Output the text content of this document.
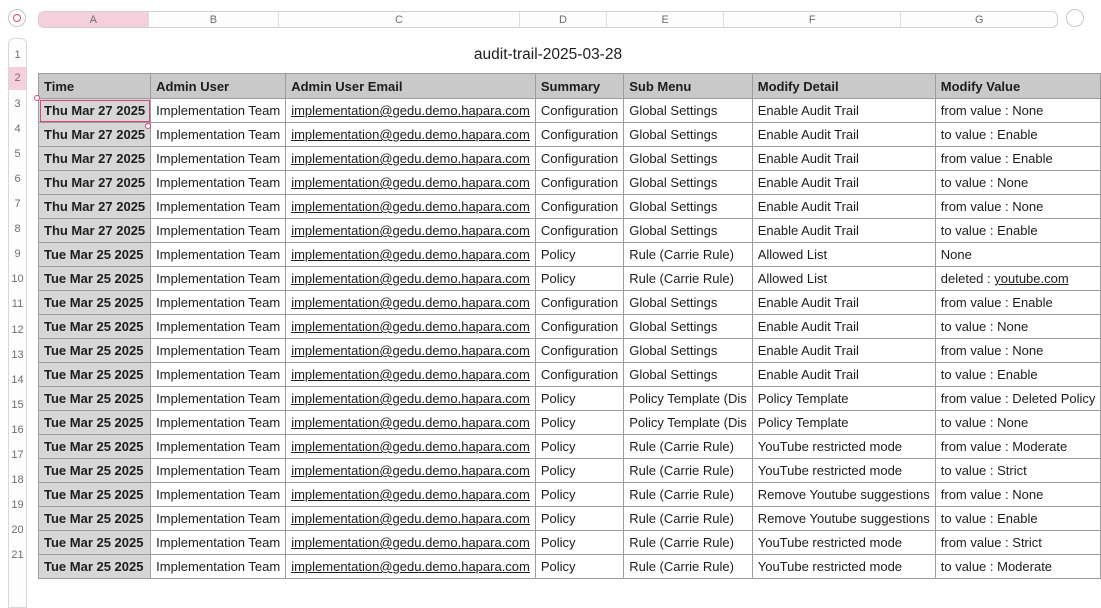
A	B	C	D	E	F	G
1
2
3
4
5
6
7
8
9
10
11
12
13
14
15
16
17
18
19
20
21
audit-trail-2025-03-28
Time	Admin User	Admin User Email	Summary	Sub Menu	Modify Detail	Modify Value
Thu Mar 27 2025	Implementation Team	implementation@gedu.demo.hapara.com	Configuration	Global Settings	Enable Audit Trail	from value : None
Thu Mar 27 2025	Implementation Team	implementation@gedu.demo.hapara.com	Configuration	Global Settings	Enable Audit Trail	to value : Enable
Thu Mar 27 2025	Implementation Team	implementation@gedu.demo.hapara.com	Configuration	Global Settings	Enable Audit Trail	from value : Enable
Thu Mar 27 2025	Implementation Team	implementation@gedu.demo.hapara.com	Configuration	Global Settings	Enable Audit Trail	to value : None
Thu Mar 27 2025	Implementation Team	implementation@gedu.demo.hapara.com	Configuration	Global Settings	Enable Audit Trail	from value : None
Thu Mar 27 2025	Implementation Team	implementation@gedu.demo.hapara.com	Configuration	Global Settings	Enable Audit Trail	to value : Enable
Tue Mar 25 2025	Implementation Team	implementation@gedu.demo.hapara.com	Policy	Rule (Carrie Rule)	Allowed List	None
Tue Mar 25 2025	Implementation Team	implementation@gedu.demo.hapara.com	Policy	Rule (Carrie Rule)	Allowed List	deleted : youtube.com
Tue Mar 25 2025	Implementation Team	implementation@gedu.demo.hapara.com	Configuration	Global Settings	Enable Audit Trail	from value : Enable
Tue Mar 25 2025	Implementation Team	implementation@gedu.demo.hapara.com	Configuration	Global Settings	Enable Audit Trail	to value : None
Tue Mar 25 2025	Implementation Team	implementation@gedu.demo.hapara.com	Configuration	Global Settings	Enable Audit Trail	from value : None
Tue Mar 25 2025	Implementation Team	implementation@gedu.demo.hapara.com	Configuration	Global Settings	Enable Audit Trail	to value : Enable
Tue Mar 25 2025	Implementation Team	implementation@gedu.demo.hapara.com	Policy	Policy Template (Dis	Policy Template	from value : Deleted Policy
Tue Mar 25 2025	Implementation Team	implementation@gedu.demo.hapara.com	Policy	Policy Template (Dis	Policy Template	to value : None
Tue Mar 25 2025	Implementation Team	implementation@gedu.demo.hapara.com	Policy	Rule (Carrie Rule)	YouTube restricted mode	from value : Moderate
Tue Mar 25 2025	Implementation Team	implementation@gedu.demo.hapara.com	Policy	Rule (Carrie Rule)	YouTube restricted mode	to value : Strict
Tue Mar 25 2025	Implementation Team	implementation@gedu.demo.hapara.com	Policy	Rule (Carrie Rule)	Remove Youtube suggestions	from value : None
Tue Mar 25 2025	Implementation Team	implementation@gedu.demo.hapara.com	Policy	Rule (Carrie Rule)	Remove Youtube suggestions	to value : Enable
Tue Mar 25 2025	Implementation Team	implementation@gedu.demo.hapara.com	Policy	Rule (Carrie Rule)	YouTube restricted mode	from value : Strict
Tue Mar 25 2025	Implementation Team	implementation@gedu.demo.hapara.com	Policy	Rule (Carrie Rule)	YouTube restricted mode	to value : Moderate
